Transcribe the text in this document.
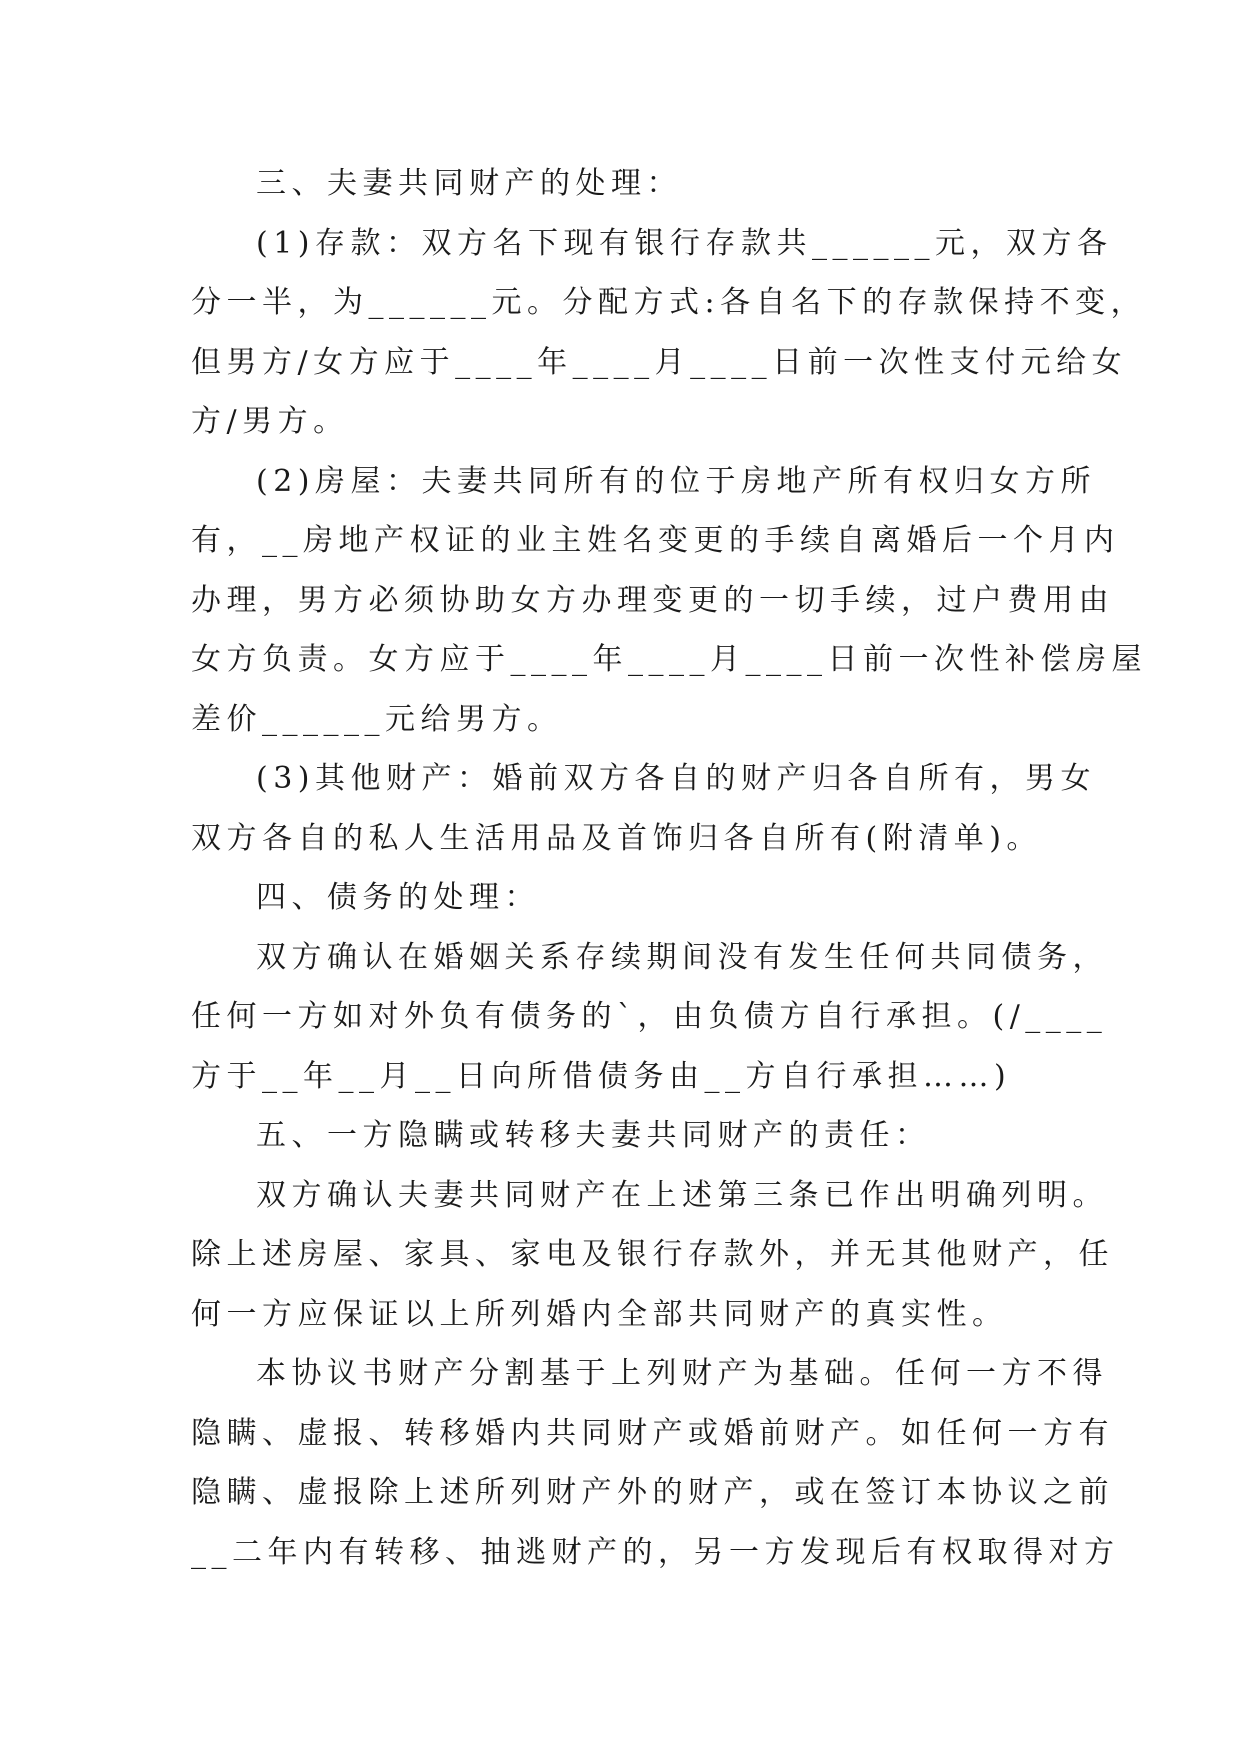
三、夫妻共同财产的处理：
(1)存款：双方名下现有银行存款共______元，双方各
分一半，为______元。分配方式:各自名下的存款保持不变，
但男方/女方应于____年____月____日前一次性支付元给女
方/男方。
(2)房屋：夫妻共同所有的位于房地产所有权归女方所
有，__房地产权证的业主姓名变更的手续自离婚后一个月内
办理，男方必须协助女方办理变更的一切手续，过户费用由
女方负责。女方应于____年____月____日前一次性补偿房屋
差价______元给男方。
(3)其他财产：婚前双方各自的财产归各自所有，男女
双方各自的私人生活用品及首饰归各自所有(附清单)。
四、债务的处理：
双方确认在婚姻关系存续期间没有发生任何共同债务，
任何一方如对外负有债务的`，由负债方自行承担。(/____
方于__年__月__日向所借债务由__方自行承担……)
五、一方隐瞒或转移夫妻共同财产的责任：
双方确认夫妻共同财产在上述第三条已作出明确列明。
除上述房屋、家具、家电及银行存款外，并无其他财产，任
何一方应保证以上所列婚内全部共同财产的真实性。
本协议书财产分割基于上列财产为基础。任何一方不得
隐瞒、虚报、转移婚内共同财产或婚前财产。如任何一方有
隐瞒、虚报除上述所列财产外的财产，或在签订本协议之前
__二年内有转移、抽逃财产的，另一方发现后有权取得对方
